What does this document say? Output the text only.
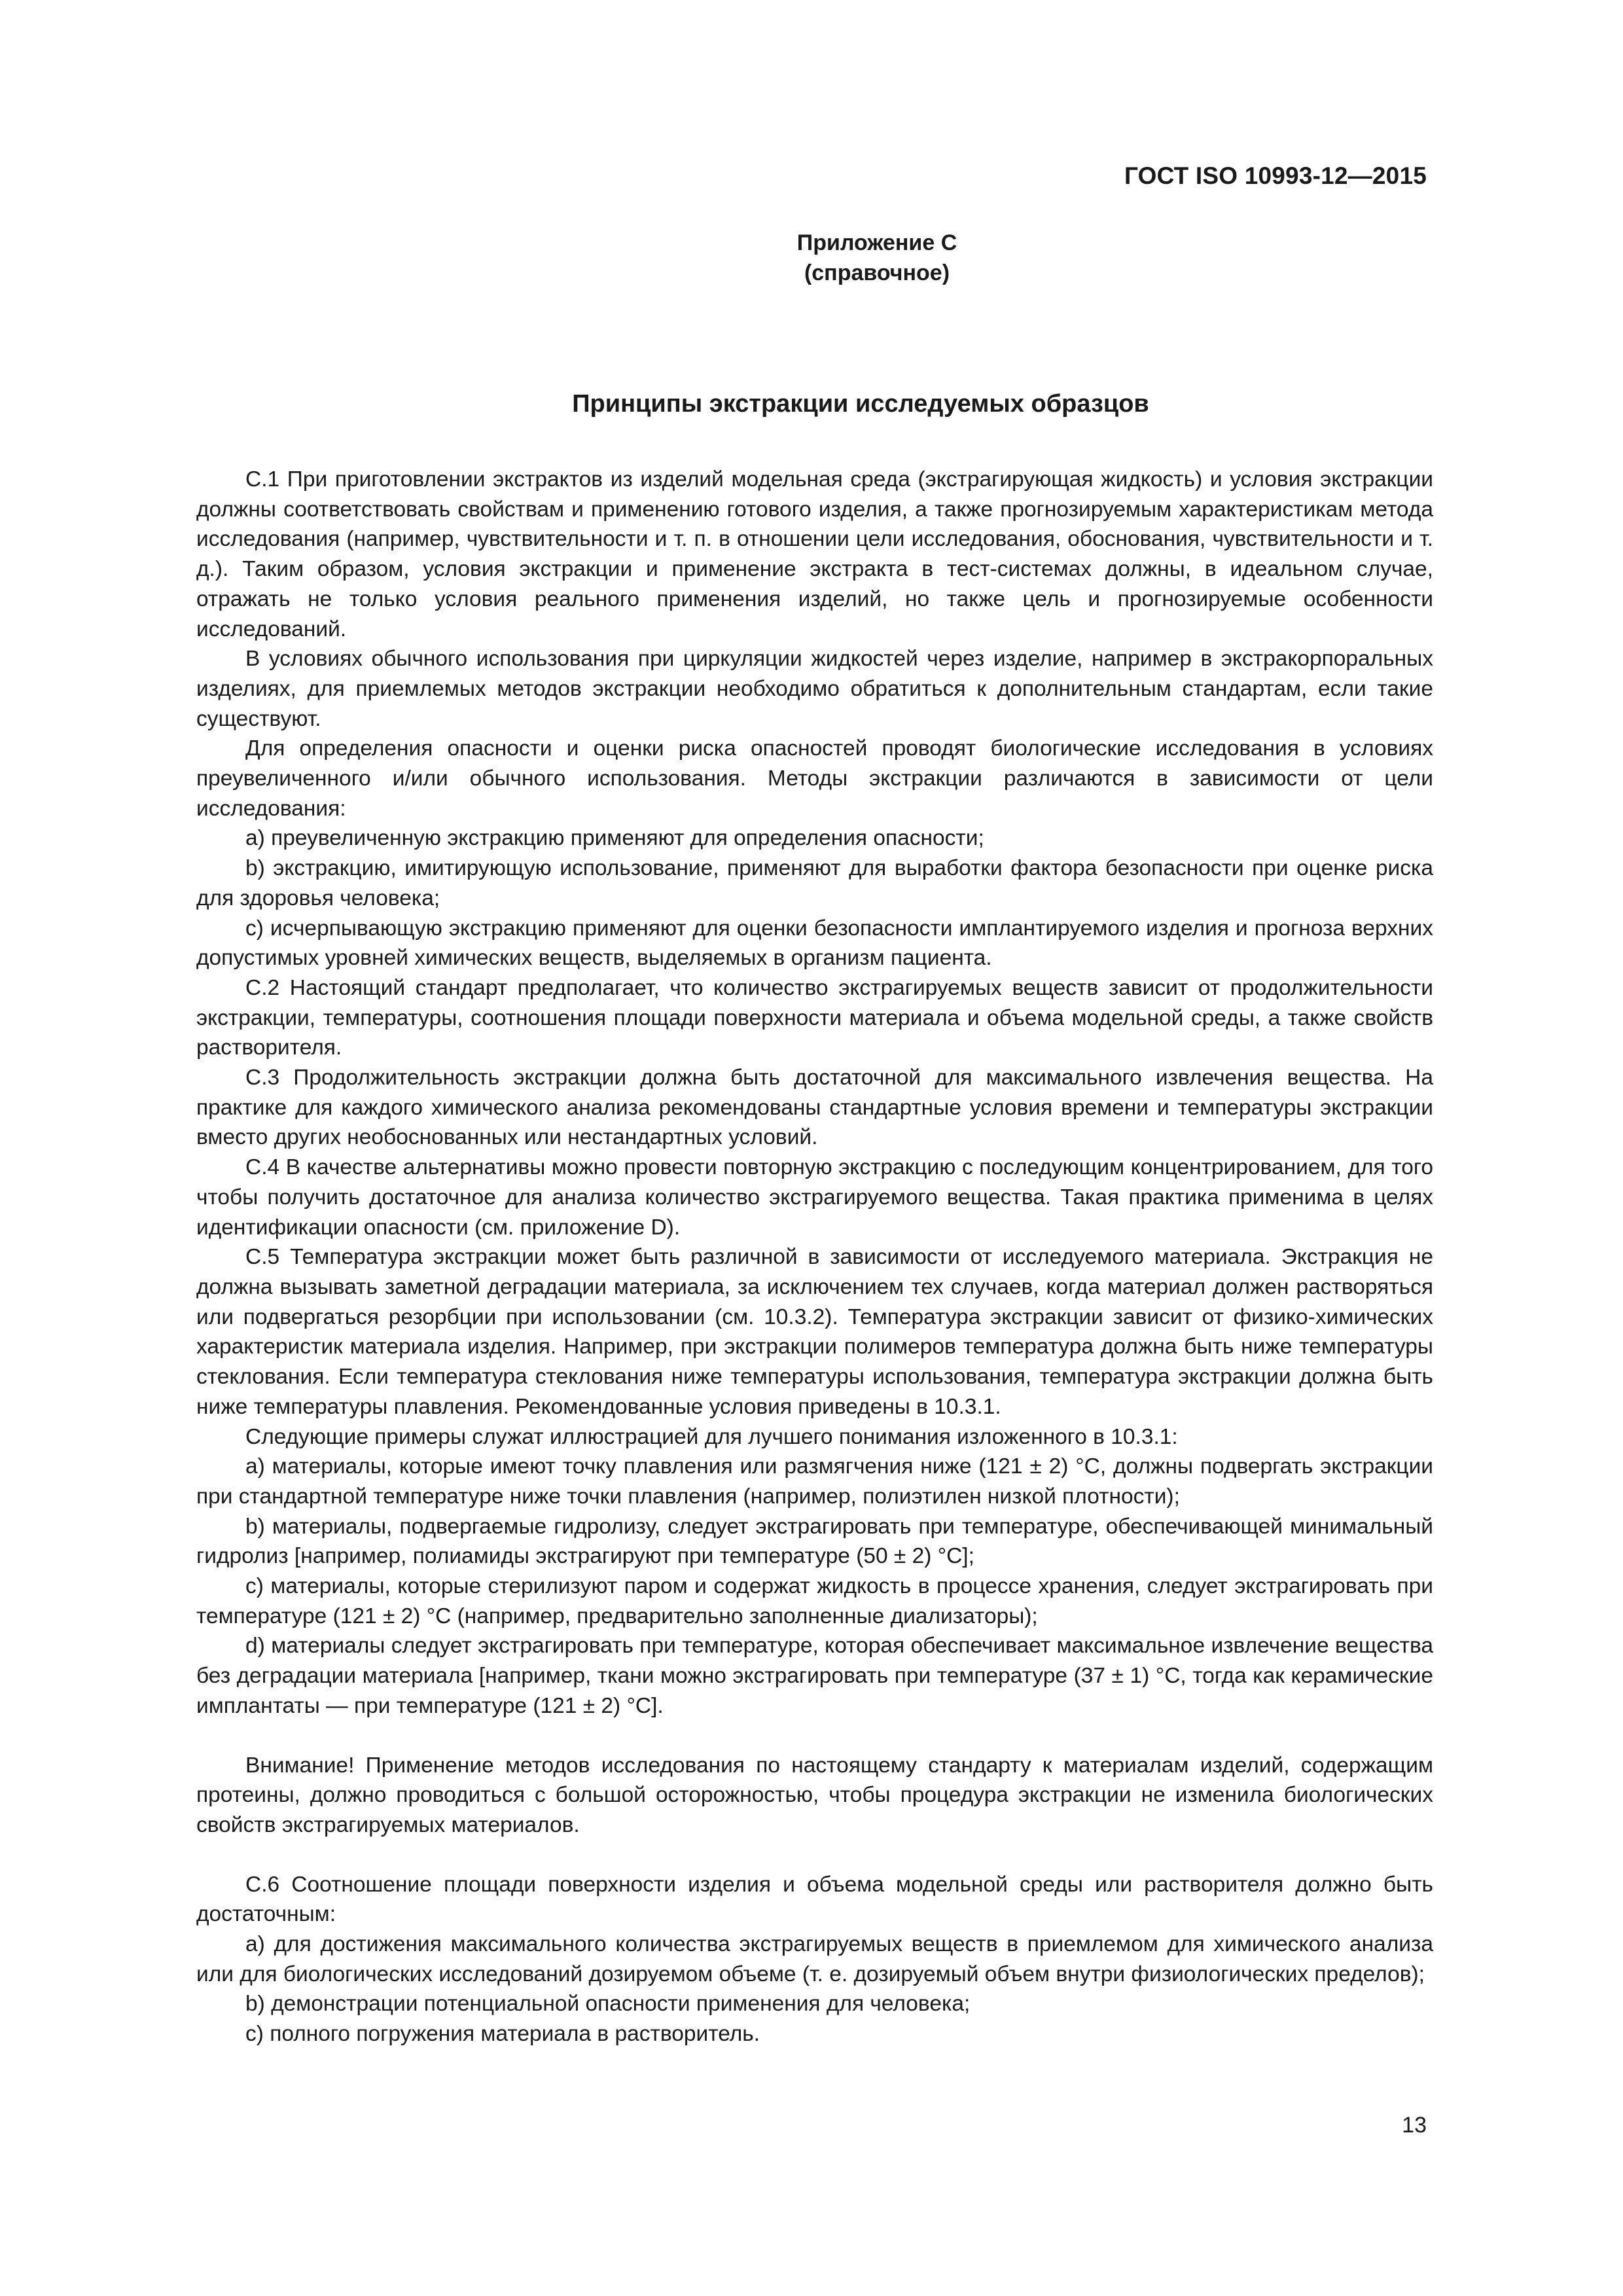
ГОСТ ISO 10993-12—2015
Приложение С
(справочное)
Принципы экстракции исследуемых образцов

С.1 При приготовлении экстрактов из изделий модельная среда (экстрагирующая жидкость) и условия экстракции должны соответствовать свойствам и применению готового изделия, а также прогнозируемым характеристикам метода исследования (например, чувствительности и т. п. в отношении цели исследования, обоснования, чувствительности и т. д.). Таким образом, условия экстракции и применение экстракта в тест-системах должны, в идеальном случае, отражать не только условия реального применения изделий, но также цель и прогнозируемые особенности исследований.

В условиях обычного использования при циркуляции жидкостей через изделие, например в экстракорпоральных изделиях, для приемлемых методов экстракции необходимо обратиться к дополнительным стандартам, если такие существуют.

Для определения опасности и оценки риска опасностей проводят биологические исследования в условиях преувеличенного и/или обычного использования. Методы экстракции различаются в зависимости от цели исследования:

а) преувеличенную экстракцию применяют для определения опасности;

b) экстракцию, имитирующую использование, применяют для выработки фактора безопасности при оценке риска для здоровья человека;

с) исчерпывающую экстракцию применяют для оценки безопасности имплантируемого изделия и прогноза верхних допустимых уровней химических веществ, выделяемых в организм пациента.

С.2 Настоящий стандарт предполагает, что количество экстрагируемых веществ зависит от продолжительности экстракции, температуры, соотношения площади поверхности материала и объема модельной среды, а также свойств растворителя.

С.3 Продолжительность экстракции должна быть достаточной для максимального извлечения вещества. На практике для каждого химического анализа рекомендованы стандартные условия времени и температуры экстракции вместо других необоснованных или нестандартных условий.

С.4 В качестве альтернативы можно провести повторную экстракцию с последующим концентрированием, для того чтобы получить достаточное для анализа количество экстрагируемого вещества. Такая практика применима в целях идентификации опасности (см. приложение D).

С.5 Температура экстракции может быть различной в зависимости от исследуемого материала. Экстракция не должна вызывать заметной деградации материала, за исключением тех случаев, когда материал должен растворяться или подвергаться резорбции при использовании (см. 10.3.2). Температура экстракции зависит от физико-химических характеристик материала изделия. Например, при экстракции полимеров температура должна быть ниже температуры стеклования. Если температура стеклования ниже температуры использования, температура экстракции должна быть ниже температуры плавления. Рекомендованные условия приведены в 10.3.1.

Следующие примеры служат иллюстрацией для лучшего понимания изложенного в 10.3.1:

а) материалы, которые имеют точку плавления или размягчения ниже (121 ± 2) °С, должны подвергать экстракции при стандартной температуре ниже точки плавления (например, полиэтилен низкой плотности);

b) материалы, подвергаемые гидролизу, следует экстрагировать при температуре, обеспечивающей минимальный гидролиз [например, полиамиды экстрагируют при температуре (50 ± 2) °С];

с) материалы, которые стерилизуют паром и содержат жидкость в процессе хранения, следует экстрагировать при температуре (121 ± 2) °С (например, предварительно заполненные диализаторы);

d) материалы следует экстрагировать при температуре, которая обеспечивает максимальное извлечение вещества без деградации материала [например, ткани можно экстрагировать при температуре (37 ± 1) °С, тогда как керамические имплантаты — при температуре (121 ± 2) °С].

Внимание! Применение методов исследования по настоящему стандарту к материалам изделий, содержащим протеины, должно проводиться с большой осторожностью, чтобы процедура экстракции не изменила биологических свойств экстрагируемых материалов.

С.6 Соотношение площади поверхности изделия и объема модельной среды или растворителя должно быть достаточным:

а) для достижения максимального количества экстрагируемых веществ в приемлемом для химического анализа или для биологических исследований дозируемом объеме (т. е. дозируемый объем внутри физиологических пределов);

b) демонстрации потенциальной опасности применения для человека;

с) полного погружения материала в растворитель.

13
